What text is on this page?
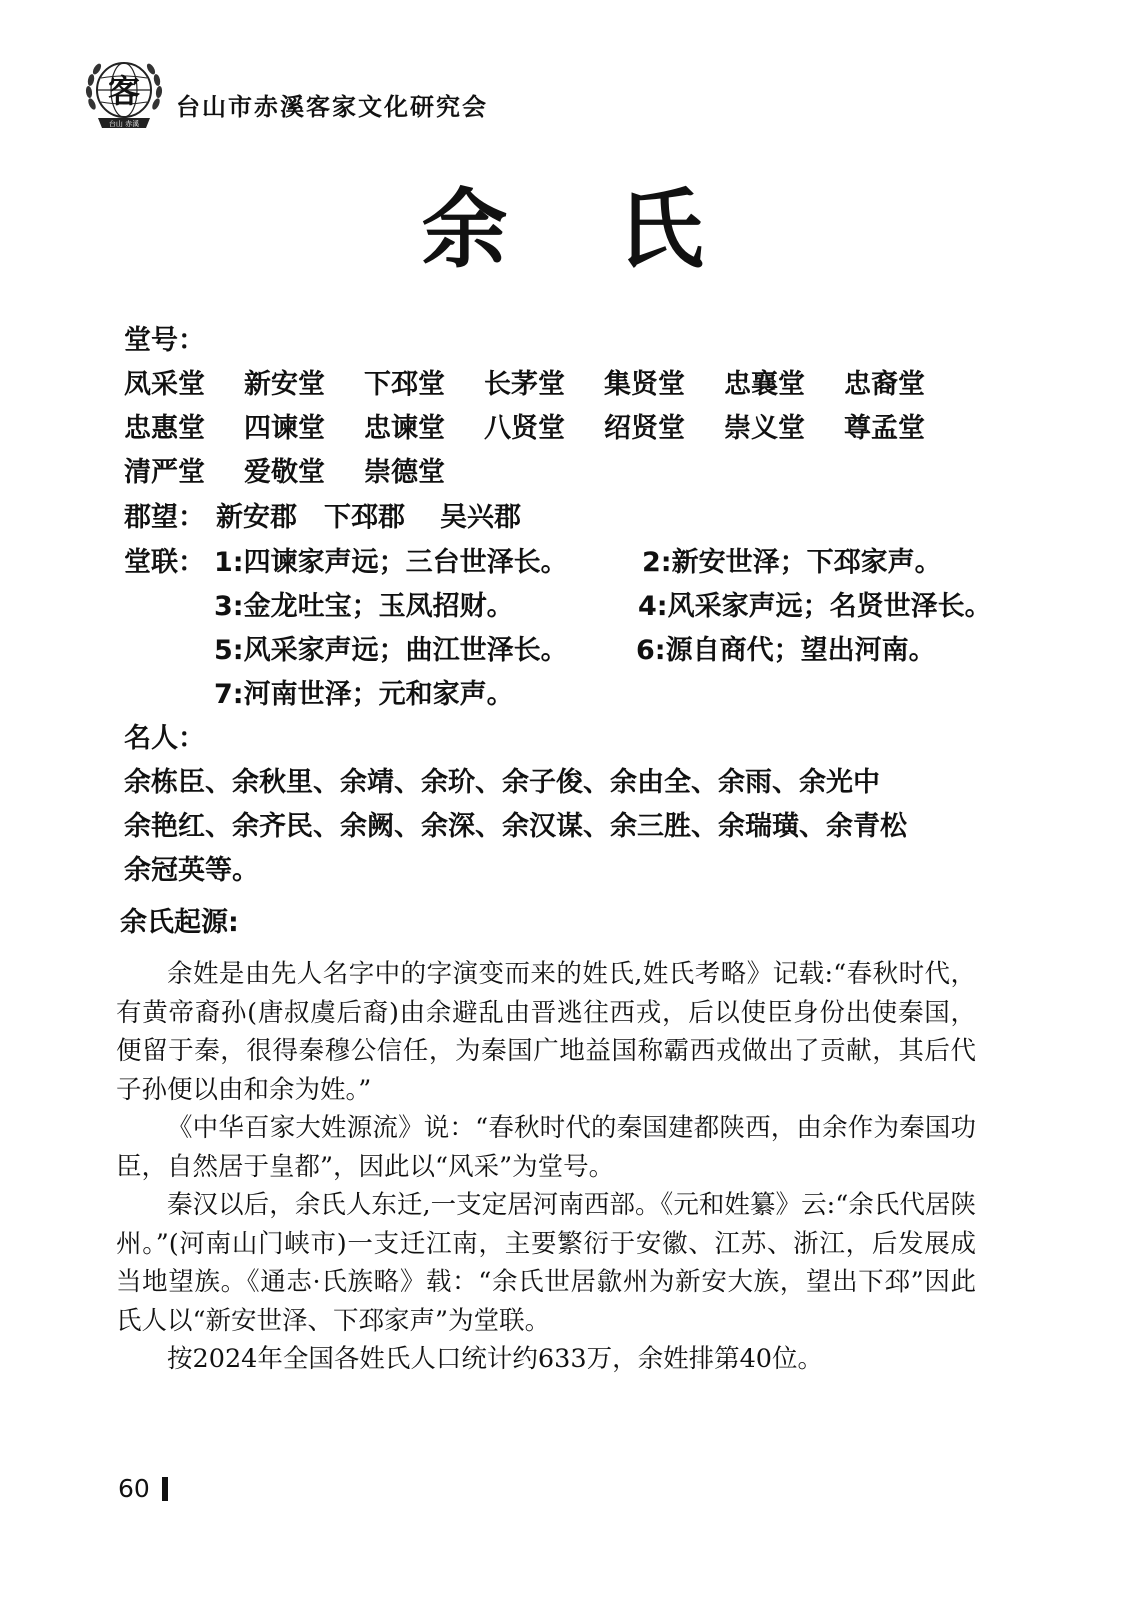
客
台山 赤溪
台山市赤溪客家文化研究会
余 氏
堂号：
凤采堂	新安堂	下邳堂	长茅堂	集贤堂	忠襄堂	忠裔堂
忠惠堂	四谏堂	忠谏堂	八贤堂	绍贤堂	崇义堂	尊孟堂
清严堂	爱敬堂	崇德堂
郡望： 新安郡 下邳郡 吴兴郡
堂联： 1:四谏家声远；三台世泽长。	2:新安世泽；下邳家声。
3:金龙吐宝；玉凤招财。	4:风采家声远；名贤世泽长。
5:风采家声远；曲江世泽长。	6:源自商代；望出河南。
7:河南世泽；元和家声。
名人：
余栋臣、余秋里、余靖、余玠、余子俊、余由全、余雨、余光中
余艳红、余齐民、余阙、余深、余汉谋、余三胜、余瑞璜、余青松
余冠英等。
余氏起源:

余姓是由先人名字中的字演变而来的姓氏,姓氏考略》记载:“春秋时代，有黄帝裔孙(唐叔虞后裔)由余避乱由晋逃往西戎，后以使臣身份出使秦国，便留于秦，很得秦穆公信任，为秦国广地益国称霸西戎做出了贡献，其后代子孙便以由和余为姓。”

《中华百家大姓源流》说：“春秋时代的秦国建都陕西，由余作为秦国功臣，自然居于皇都”，因此以“风采”为堂号。

秦汉以后，余氏人东迁,一支定居河南西部。《元和姓纂》云:“余氏代居陕州。”(河南山门峡市)一支迁江南，主要繁衍于安徽、江苏、浙江，后发展成当地望族。《通志·氏族略》载：“余氏世居歙州为新安大族，望出下邳”因此氏人以“新安世泽、下邳家声”为堂联。

按2024年全国各姓氏人口统计约633万，余姓排第40位。

60
